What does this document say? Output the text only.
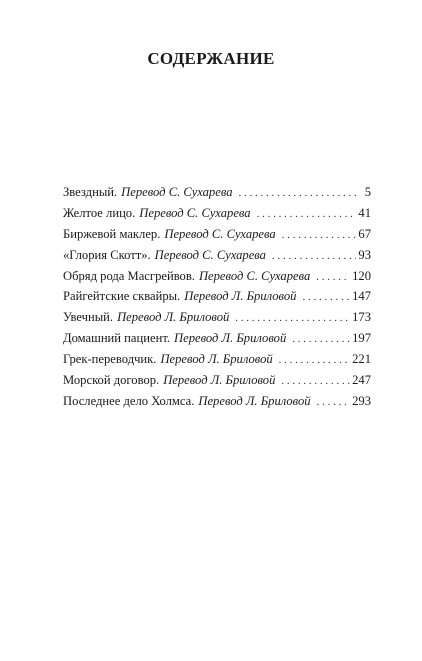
СОДЕРЖАНИЕ
Звездный. Перевод С. Сухарева . . .	5
Желтое лицо. Перевод С. Сухарева . . .	41
Биржевой маклер. Перевод С. Сухарева . . .	67
«Глория Скотт». Перевод С. Сухарева . . .	93
Обряд рода Масгрейвов. Перевод С. Сухарева . . .	120
Райгейтские сквайры. Перевод Л. Бриловой . . .	147
Увечный. Перевод Л. Бриловой . . .	173
Домашний пациент. Перевод Л. Бриловой . . .	197
Грек-переводчик. Перевод Л. Бриловой . . .	221
Морской договор. Перевод Л. Бриловой . . .	247
Последнее дело Холмса. Перевод Л. Бриловой . . .	293
